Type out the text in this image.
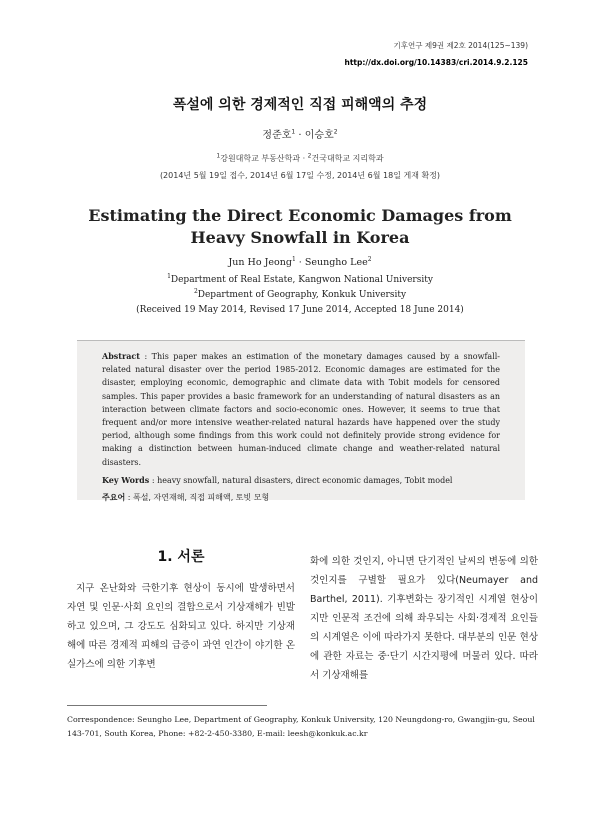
기후연구 제9권 제2호 2014(125~139)
http://dx.doi.org/10.14383/cri.2014.9.2.125
폭설에 의한 경제적인 직접 피해액의 추정
정준호$^1$ · 이승호$^2$
$^1$강원대학교 부동산학과 · $^2$건국대학교 지리학과
(2014년 5월 19일 접수, 2014년 6월 17일 수정, 2014년 6월 18일 게재 확정)
Estimating the Direct Economic Damages from Heavy Snowfall in Korea
Jun Ho Jeong$^1$ · Seungho Lee$^2$
$^1$Department of Real Estate, Kangwon National University
$^2$Department of Geography, Konkuk University
(Received 19 May 2014, Revised 17 June 2014, Accepted 18 June 2014)

Abstract : This paper makes an estimation of the monetary damages caused by a snowfall-related natural disaster over the period 1985-2012. Economic damages are estimated for the disaster, employing economic, demographic and climate data with Tobit models for censored samples. This paper provides a basic framework for an understanding of natural disasters as an interaction between climate factors and socio-economic ones. However, it seems to true that frequent and/or more intensive weather-related natural hazards have happened over the study period, although some findings from this work could not definitely provide strong evidence for making a distinction between human-induced climate change and weather-related natural disasters.

Key Words : heavy snowfall, natural disasters, direct economic damages, Tobit model

주요어 : 폭설, 자연재해, 직접 피해액, 토빗 모형

1. 서론

지구 온난화와 극한기후 현상이 동시에 발생하면서 자연 및 인문·사회 요인의 결합으로서 기상재해가 빈발하고 있으며, 그 강도도 심화되고 있다. 하지만 기상재해에 따른 경제적 피해의 급증이 과연 인간이 야기한 온실가스에 의한 기후변

화에 의한 것인지, 아니면 단기적인 날씨의 변동에 의한 것인지를 구별할 필요가 있다(Neumayer and Barthel, 2011). 기후변화는 장기적인 시계열 현상이지만 인문적 조건에 의해 좌우되는 사회·경제적 요인들의 시계열은 이에 따라가지 못한다. 대부분의 인문 현상에 관한 자료는 중·단기 시간지평에 머물러 있다. 따라서 기상재해를

Correspondence: Seungho Lee, Department of Geography, Konkuk University, 120 Neungdong-ro, Gwangjin-gu, Seoul 143-701, South Korea, Phone: +82-2-450-3380, E-mail: leesh@konkuk.ac.kr
